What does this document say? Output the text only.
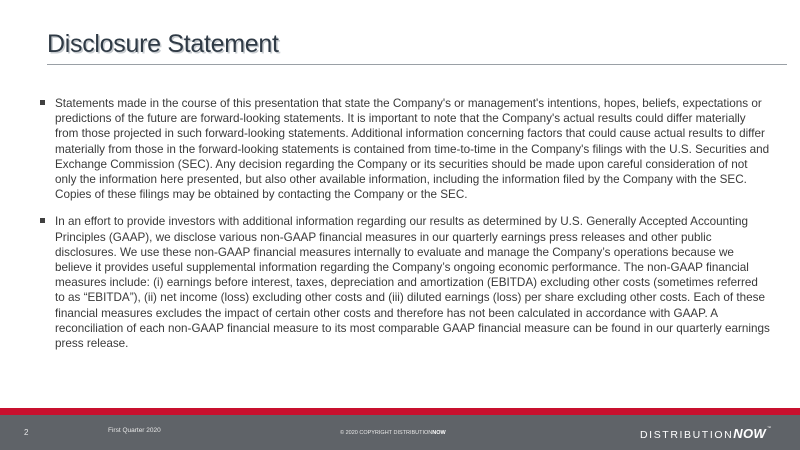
Disclosure Statement
Statements made in the course of this presentation that state the Company's or management's intentions, hopes, beliefs, expectations or predictions of the future are forward-looking statements. It is important to note that the Company's actual results could differ materially from those projected in such forward-looking statements. Additional information concerning factors that could cause actual results to differ materially from those in the forward-looking statements is contained from time-to-time in the Company's filings with the U.S. Securities and Exchange Commission (SEC). Any decision regarding the Company or its securities should be made upon careful consideration of not only the information here presented, but also other available information, including the information filed by the Company with the SEC. Copies of these filings may be obtained by contacting the Company or the SEC.
In an effort to provide investors with additional information regarding our results as determined by U.S. Generally Accepted Accounting Principles (GAAP), we disclose various non-GAAP financial measures in our quarterly earnings press releases and other public disclosures. We use these non-GAAP financial measures internally to evaluate and manage the Company’s operations because we believe it provides useful supplemental information regarding the Company’s ongoing economic performance. The non-GAAP financial measures include: (i) earnings before interest, taxes, depreciation and amortization (EBITDA) excluding other costs (sometimes referred to as “EBITDA”), (ii) net income (loss) excluding other costs and (iii) diluted earnings (loss) per share excluding other costs. Each of these financial measures excludes the impact of certain other costs and therefore has not been calculated in accordance with GAAP. A reconciliation of each non-GAAP financial measure to its most comparable GAAP financial measure can be found in our quarterly earnings press release.
2	First Quarter 2020	© 2020 COPYRIGHT DISTRIBUTIONNOW	DISTRIBUTIONNOW™
